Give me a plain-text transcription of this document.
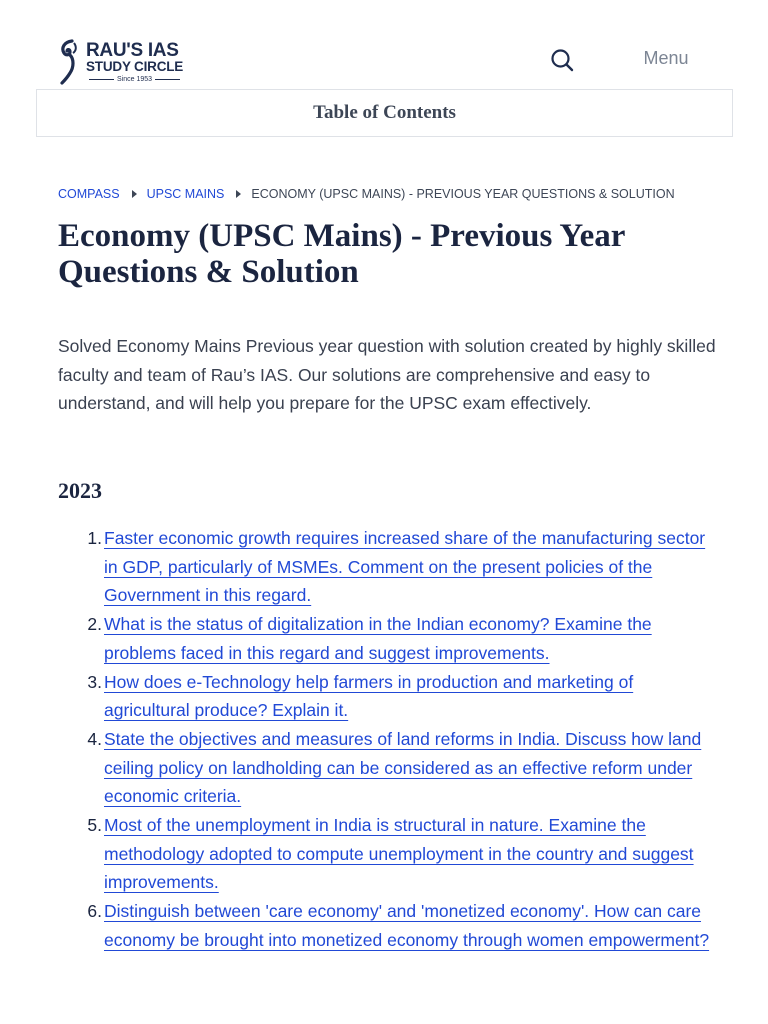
RAU'S IAS
STUDY CIRCLE
Since 1953
Menu
Table of Contents
COMPASS UPSC MAINS ECONOMY (UPSC MAINS) - PREVIOUS YEAR QUESTIONS & SOLUTION
Economy (UPSC Mains) - Previous Year Questions & Solution

Solved Economy Mains Previous year question with solution created by highly skilled faculty and team of Rau’s IAS. Our solutions are comprehensive and easy to understand, and will help you prepare for the UPSC exam effectively.

2023
1. Faster economic growth requires increased share of the manufacturing sector in GDP, particularly of MSMEs. Comment on the present policies of the Government in this regard.
2. What is the status of digitalization in the Indian economy? Examine the problems faced in this regard and suggest improvements.
3. How does e-Technology help farmers in production and marketing of agricultural produce? Explain it.
4. State the objectives and measures of land reforms in India. Discuss how land ceiling policy on landholding can be considered as an effective reform under economic criteria.
5. Most of the unemployment in India is structural in nature. Examine the methodology adopted to compute unemployment in the country and suggest improvements.
6. Distinguish between 'care economy' and 'monetized economy'. How can care economy be brought into monetized economy through women empowerment?
